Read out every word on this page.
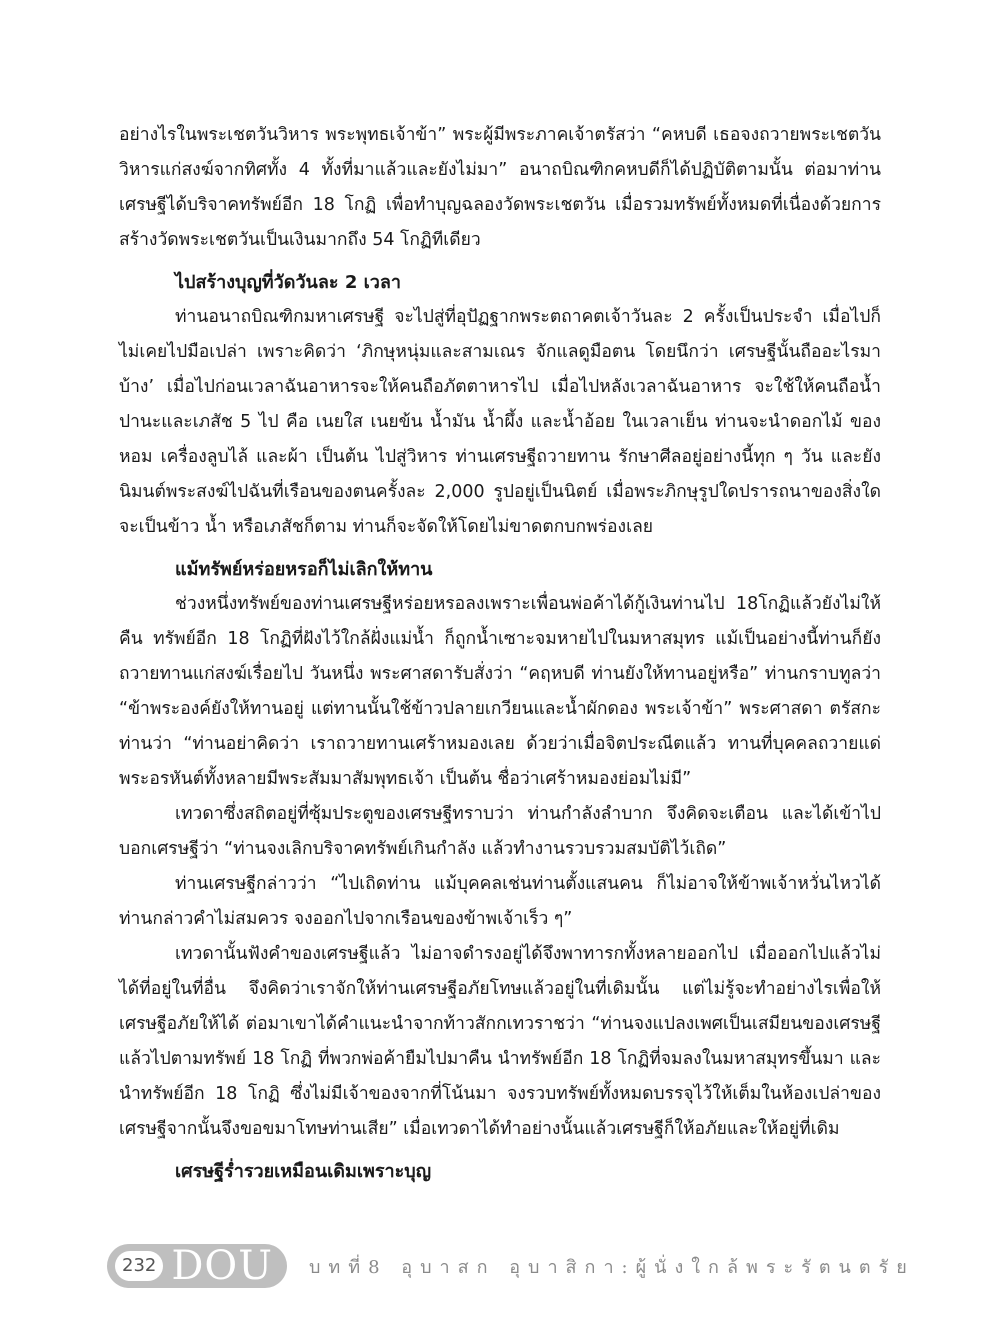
อย่างไรในพระเชตวันวิหาร พระพุทธเจ้าข้า” พระผู้มีพระภาคเจ้าตรัสว่า “คหบดี เธอจงถวายพระเชตวันวิหารแก่สงฆ์จากทิศทั้ง 4 ทั้งที่มาแล้วและยังไม่มา” อนาถบิณฑิกคหบดีก็ได้ปฏิบัติตามนั้น ต่อมาท่านเศรษฐีได้บริจาคทรัพย์อีก 18 โกฏิ เพื่อทำบุญฉลองวัดพระเชตวัน เมื่อรวมทรัพย์ทั้งหมดที่เนื่องด้วยการสร้างวัดพระเชตวันเป็นเงินมากถึง 54 โกฏิทีเดียว

ไปสร้างบุญที่วัดวันละ 2 เวลา

ท่านอนาถบิณฑิกมหาเศรษฐี จะไปสู่ที่อุปัฏฐากพระตถาคตเจ้าวันละ 2 ครั้งเป็นประจำ เมื่อไปก็ไม่เคยไปมือเปล่า เพราะคิดว่า ‘ภิกษุหนุ่มและสามเณร จักแลดูมือตน โดยนึกว่า เศรษฐีนั้นถืออะไรมาบ้าง’ เมื่อไปก่อนเวลาฉันอาหารจะให้คนถือภัตตาหารไป เมื่อไปหลังเวลาฉันอาหาร จะใช้ให้คนถือน้ำปานะและเภสัช 5 ไป คือ เนยใส เนยข้น น้ำมัน น้ำผึ้ง และน้ำอ้อย ในเวลาเย็น ท่านจะนำดอกไม้ ของหอม เครื่องลูบไล้ และผ้า เป็นต้น ไปสู่วิหาร ท่านเศรษฐีถวายทาน รักษาศีลอยู่อย่างนี้ทุก ๆ วัน และยังนิมนต์พระสงฆ์ไปฉันที่เรือนของตนครั้งละ 2,000 รูปอยู่เป็นนิตย์ เมื่อพระภิกษุรูปใดปรารถนาของสิ่งใด จะเป็นข้าว น้ำ หรือเภสัชก็ตาม ท่านก็จะจัดให้โดยไม่ขาดตกบกพร่องเลย

แม้ทรัพย์หร่อยหรอก็ไม่เลิกให้ทาน

ช่วงหนึ่งทรัพย์ของท่านเศรษฐีหร่อยหรอลงเพราะเพื่อนพ่อค้าได้กู้เงินท่านไป 18โกฏิแล้วยังไม่ให้คืน ทรัพย์อีก 18 โกฏิที่ฝังไว้ใกล้ฝั่งแม่น้ำ ก็ถูกน้ำเซาะจมหายไปในมหาสมุทร แม้เป็นอย่างนี้ท่านก็ยังถวายทานแก่สงฆ์เรื่อยไป วันหนึ่ง พระศาสดารับสั่งว่า “คฤหบดี ท่านยังให้ทานอยู่หรือ” ท่านกราบทูลว่า “ข้าพระองค์ยังให้ทานอยู่ แต่ทานนั้นใช้ข้าวปลายเกวียนและน้ำผักดอง พระเจ้าข้า” พระศาสดา ตรัสกะท่านว่า “ท่านอย่าคิดว่า เราถวายทานเศร้าหมองเลย ด้วยว่าเมื่อจิตประณีตแล้ว ทานที่บุคคลถวายแด่พระอรหันต์ทั้งหลายมีพระสัมมาสัมพุทธเจ้า เป็นต้น ชื่อว่าเศร้าหมองย่อมไม่มี”

เทวดาซึ่งสถิตอยู่ที่ซุ้มประตูของเศรษฐีทราบว่า ท่านกำลังลำบาก จึงคิดจะเตือน และได้เข้าไปบอกเศรษฐีว่า “ท่านจงเลิกบริจาคทรัพย์เกินกำลัง แล้วทำงานรวบรวมสมบัติไว้เถิด”

ท่านเศรษฐีกล่าวว่า “ไปเถิดท่าน แม้บุคคลเช่นท่านตั้งแสนคน ก็ไม่อาจให้ข้าพเจ้าหวั่นไหวได้ ท่านกล่าวคำไม่สมควร จงออกไปจากเรือนของข้าพเจ้าเร็ว ๆ”

เทวดานั้นฟังคำของเศรษฐีแล้ว ไม่อาจดำรงอยู่ได้จึงพาทารกทั้งหลายออกไป เมื่อออกไปแล้วไม่ได้ที่อยู่ในที่อื่น จึงคิดว่าเราจักให้ท่านเศรษฐีอภัยโทษแล้วอยู่ในที่เดิมนั้น แต่ไม่รู้จะทำอย่างไรเพื่อให้เศรษฐีอภัยให้ได้ ต่อมาเขาได้คำแนะนำจากท้าวสักกเทวราชว่า “ท่านจงแปลงเพศเป็นเสมียนของเศรษฐีแล้วไปตามทรัพย์ 18 โกฏิ ที่พวกพ่อค้ายืมไปมาคืน นำทรัพย์อีก 18 โกฏิที่จมลงในมหาสมุทรขึ้นมา และนำทรัพย์อีก 18 โกฏิ ซึ่งไม่มีเจ้าของจากที่โน้นมา จงรวบทรัพย์ทั้งหมดบรรจุไว้ให้เต็มในห้องเปล่าของเศรษฐีจากนั้นจึงขอขมาโทษท่านเสีย” เมื่อเทวดาได้ทำอย่างนั้นแล้วเศรษฐีก็ให้อภัยและให้อยู่ที่เดิม

เศรษฐีร่ำรวยเหมือนเดิมเพราะบุญ
232 DOU บทที่8 อุบาสก อุบาสิกา:ผู้นั่งใกล้พระรัตนตรัย
